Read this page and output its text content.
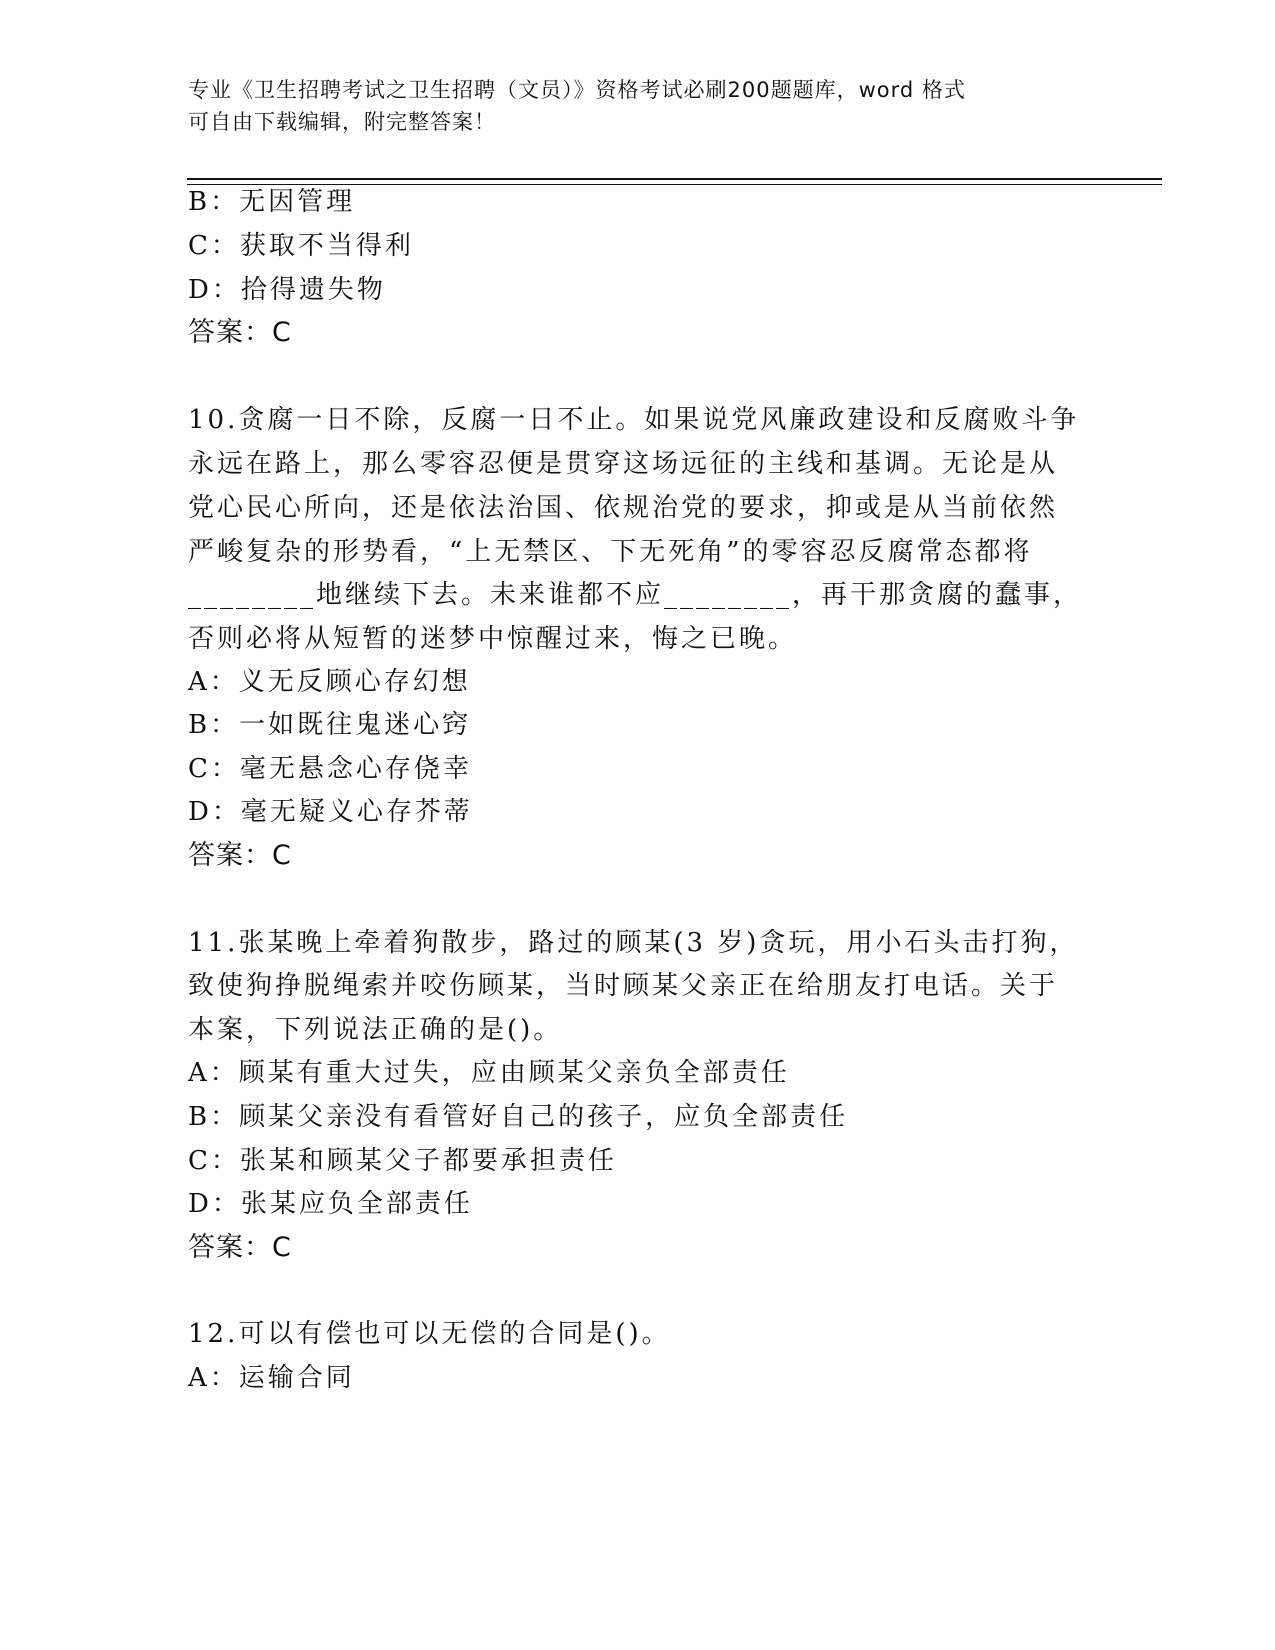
专业《卫生招聘考试之卫生招聘（文员）》资格考试必刷200题题库，word 格式
可自由下载编辑，附完整答案！
B：无因管理
C：获取不当得利
D：拾得遗失物
答案：C
10.贪腐一日不除，反腐一日不止。如果说党风廉政建设和反腐败斗争
永远在路上，那么零容忍便是贯穿这场远征的主线和基调。无论是从
党心民心所向，还是依法治国、依规治党的要求，抑或是从当前依然
严峻复杂的形势看，“上无禁区、下无死角”的零容忍反腐常态都将
________地继续下去。未来谁都不应________，再干那贪腐的蠢事，
否则必将从短暂的迷梦中惊醒过来，悔之已晚。
A：义无反顾心存幻想
B：一如既往鬼迷心窍
C：毫无悬念心存侥幸
D：毫无疑义心存芥蒂
答案：C
11.张某晚上牵着狗散步，路过的顾某(3 岁)贪玩，用小石头击打狗，
致使狗挣脱绳索并咬伤顾某，当时顾某父亲正在给朋友打电话。关于
本案，下列说法正确的是()。
A：顾某有重大过失，应由顾某父亲负全部责任
B：顾某父亲没有看管好自己的孩子，应负全部责任
C：张某和顾某父子都要承担责任
D：张某应负全部责任
答案：C
12.可以有偿也可以无偿的合同是()。
A：运输合同
